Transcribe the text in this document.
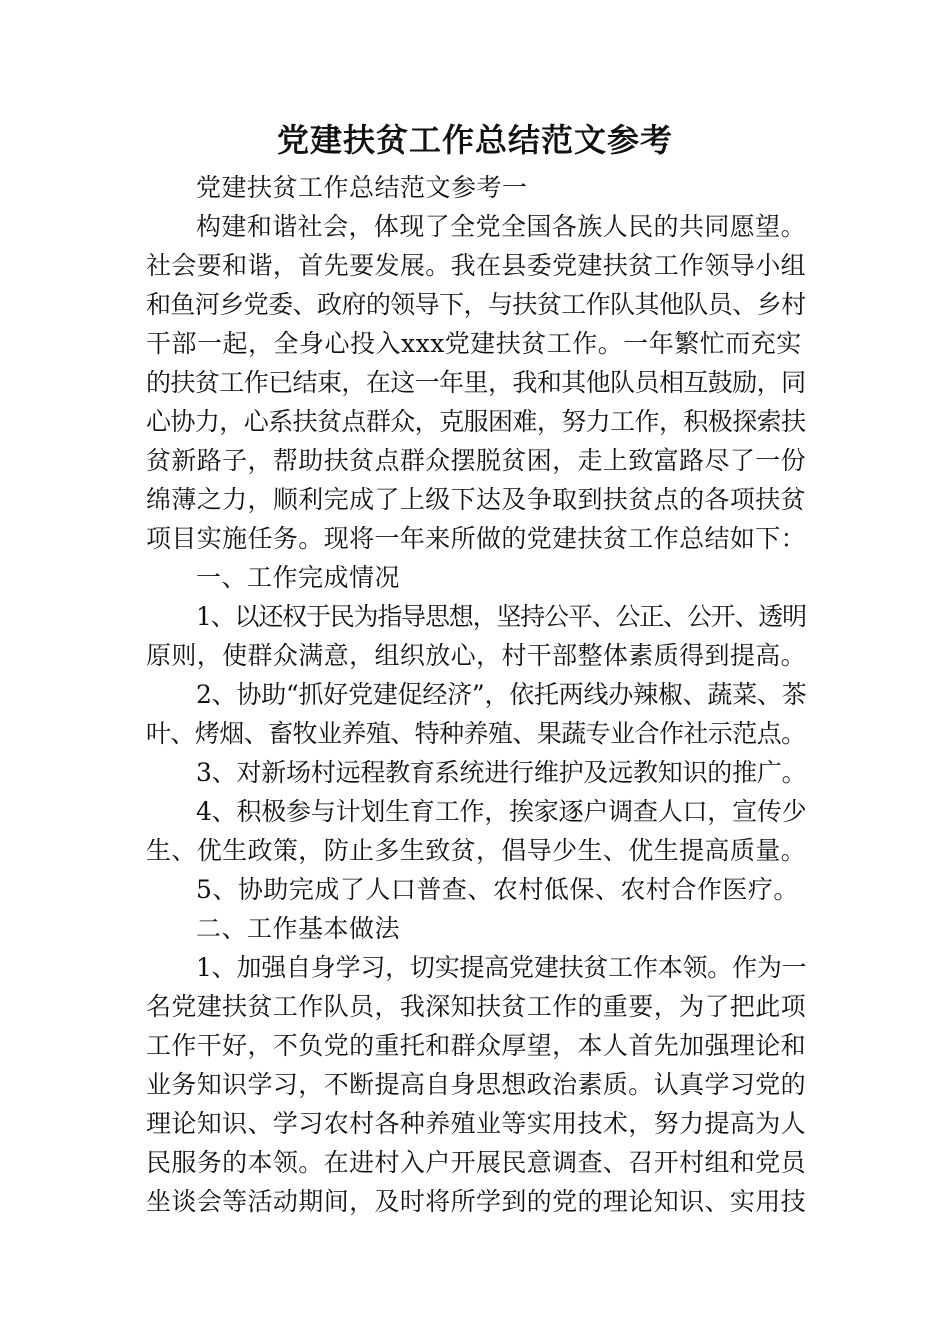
党建扶贫工作总结范文参考
党建扶贫工作总结范文参考一
构建和谐社会，体现了全党全国各族人民的共同愿望。
社会要和谐，首先要发展。我在县委党建扶贫工作领导小组
和鱼河乡党委、政府的领导下，与扶贫工作队其他队员、乡村
干部一起，全身心投入xxx党建扶贫工作。一年繁忙而充实
的扶贫工作已结束，在这一年里，我和其他队员相互鼓励，同
心协力，心系扶贫点群众，克服困难，努力工作，积极探索扶
贫新路子，帮助扶贫点群众摆脱贫困，走上致富路尽了一份
绵薄之力，顺利完成了上级下达及争取到扶贫点的各项扶贫
项目实施任务。现将一年来所做的党建扶贫工作总结如下：
一、工作完成情况
1、以还权于民为指导思想，坚持公平、公正、公开、透明
原则，使群众满意，组织放心，村干部整体素质得到提高。
2、协助“抓好党建促经济”，依托两线办辣椒、蔬菜、茶
叶、烤烟、畜牧业养殖、特种养殖、果蔬专业合作社示范点。
3、对新场村远程教育系统进行维护及远教知识的推广。
4、积极参与计划生育工作，挨家逐户调查人口，宣传少
生、优生政策，防止多生致贫，倡导少生、优生提高质量。
5、协助完成了人口普查、农村低保、农村合作医疗。
二、工作基本做法
1、加强自身学习，切实提高党建扶贫工作本领。作为一
名党建扶贫工作队员，我深知扶贫工作的重要，为了把此项
工作干好，不负党的重托和群众厚望，本人首先加强理论和
业务知识学习，不断提高自身思想政治素质。认真学习党的
理论知识、学习农村各种养殖业等实用技术，努力提高为人
民服务的本领。在进村入户开展民意调查、召开村组和党员
坐谈会等活动期间，及时将所学到的党的理论知识、实用技
